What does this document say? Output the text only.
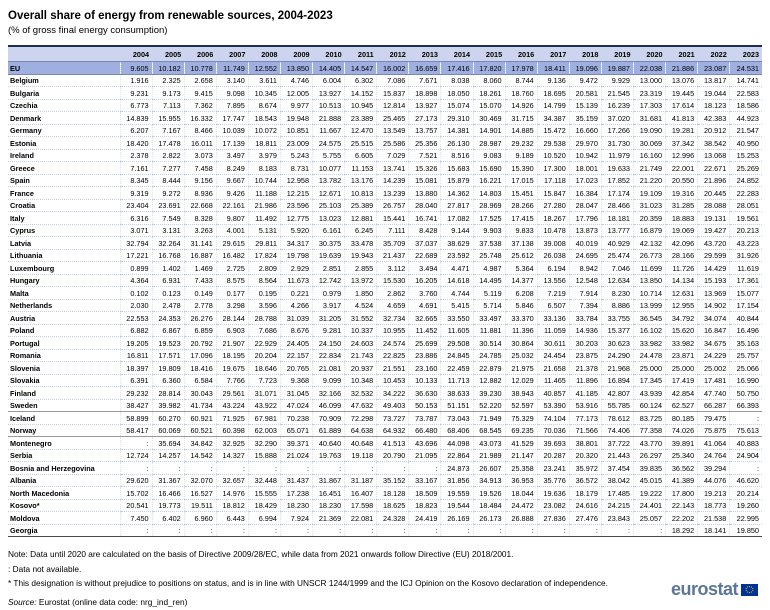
Overall share of energy from renewable sources, 2004-2023
(% of gross final energy consumption)
	2004	2005	2006	2007	2008	2009	2010	2011	2012	2013	2014	2015	2016	2017	2018	2019	2020	2021	2022	2023
EU	9.605	10.182	10.778	11.749	12.552	13.850	14.405	14.547	16.002	16.659	17.416	17.820	17.978	18.411	19.096	19.887	22.038	21.886	23.087	24.531
Belgium	1.916	2.325	2.658	3.140	3.611	4.746	6.004	6.302	7.086	7.671	8.038	8.060	8.744	9.136	9.472	9.929	13.000	13.076	13.817	14.741
Bulgaria	9.231	9.173	9.415	9.098	10.345	12.005	13.927	14.152	15.837	18.898	18.050	18.261	18.760	18.695	20.581	21.545	23.319	19.445	19.044	22.583
Czechia	6.773	7.113	7.362	7.895	8.674	9.977	10.513	10.945	12.814	13.927	15.074	15.070	14.926	14.799	15.139	16.239	17.303	17.614	18.123	18.586
Denmark	14.839	15.955	16.332	17.747	18.543	19.948	21.888	23.389	25.465	27.173	29.310	30.469	31.715	34.387	35.159	37.020	31.681	41.813	42.383	44.923
Germany	6.207	7.167	8.466	10.039	10.072	10.851	11.667	12.470	13.549	13.757	14.381	14.901	14.885	15.472	16.660	17.266	19.090	19.281	20.912	21.547
Estonia	18.420	17.478	16.011	17.139	18.811	23.009	24.575	25.515	25.586	25.356	26.130	28.987	29.232	29.538	29.970	31.730	30.069	37.342	38.542	40.950
Ireland	2.378	2.822	3.073	3.497	3.979	5.243	5.755	6.605	7.029	7.521	8.516	9.083	9.189	10.520	10.942	11.979	16.160	12.996	13.068	15.253
Greece	7.161	7.277	7.458	8.249	8.183	8.731	10.077	11.153	13.741	15.326	15.683	15.690	15.390	17.300	18.001	19.633	21.749	22.001	22.671	25.269
Spain	8.345	8.444	9.156	9.667	10.744	12.958	13.782	13.176	14.239	15.081	15.879	16.221	17.015	17.118	17.023	17.852	21.220	20.550	21.896	24.852
France	9.319	9.272	8.936	9.426	11.188	12.215	12.671	10.813	13.239	13.880	14.362	14.803	15.451	15.847	16.384	17.174	19.109	19.316	20.445	22.283
Croatia	23.404	23.691	22.668	22.161	21.986	23.596	25.103	25.389	26.757	28.040	27.817	28.969	28.266	27.280	28.047	28.466	31.023	31.285	28.088	28.051
Italy	6.316	7.549	8.328	9.807	11.492	12.775	13.023	12.881	15.441	16.741	17.082	17.525	17.415	18.267	17.796	18.181	20.359	18.883	19.131	19.561
Cyprus	3.071	3.131	3.263	4.001	5.131	5.920	6.161	6.245	7.111	8.428	9.144	9.903	9.833	10.478	13.873	13.777	16.879	19.069	19.427	20.213
Latvia	32.794	32.264	31.141	29.615	29.811	34.317	30.375	33.478	35.709	37.037	38.629	37.538	37.138	39.008	40.019	40.929	42.132	42.096	43.720	43.223
Lithuania	17.221	16.768	16.887	16.482	17.824	19.798	19.639	19.943	21.437	22.689	23.592	25.748	25.612	26.038	24.695	25.474	26.773	28.166	29.599	31.926
Luxembourg	0.899	1.402	1.469	2.725	2.809	2.929	2.851	2.855	3.112	3.494	4.471	4.987	5.364	6.194	8.942	7.046	11.699	11.726	14.429	11.619
Hungary	4.364	6.931	7.433	8.575	8.564	11.673	12.742	13.972	15.530	16.205	14.618	14.495	14.377	13.556	12.548	12.634	13.850	14.134	15.193	17.361
Malta	0.102	0.123	0.149	0.177	0.195	0.221	0.979	1.850	2.862	3.760	4.744	5.119	6.208	7.219	7.914	8.230	10.714	12.631	13.969	15.077
Netherlands	2.030	2.478	2.778	3.298	3.596	4.266	3.917	4.524	4.659	4.691	5.415	5.714	5.846	6.507	7.394	8.886	13.999	12.955	14.902	17.154
Austria	22.553	24.353	26.276	28.144	28.788	31.039	31.205	31.552	32.734	32.665	33.550	33.497	33.370	33.136	33.784	33.755	36.545	34.792	34.074	40.844
Poland	6.882	6.867	6.859	6.903	7.686	8.676	9.281	10.337	10.955	11.452	11.605	11.881	11.396	11.059	14.936	15.377	16.102	15.620	16.847	16.496
Portugal	19.205	19.523	20.792	21.907	22.929	24.405	24.150	24.603	24.574	25.699	29.508	30.514	30.864	30.611	30.203	30.623	33.982	33.982	34.675	35.163
Romania	16.811	17.571	17.096	18.195	20.204	22.157	22.834	21.743	22.825	23.886	24.845	24.785	25.032	24.454	23.875	24.290	24.478	23.871	24.229	25.757
Slovenia	18.397	19.809	18.416	19.675	18.646	20.765	21.081	20.937	21.551	23.160	22.459	22.879	21.975	21.658	21.378	21.968	25.000	25.000	25.002	25.066
Slovakia	6.391	6.360	6.584	7.766	7.723	9.368	9.099	10.348	10.453	10.133	11.713	12.882	12.029	11.465	11.896	16.894	17.345	17.419	17.481	16.990
Finland	29.232	28.814	30.043	29.561	31.071	31.045	32.166	32.532	34.222	36.630	38.633	39.230	38.943	40.857	41.185	42.807	43.939	42.854	47.740	50.750
Sweden	38.427	39.982	41.734	43.224	43.922	47.024	46.099	47.632	49.403	50.153	51.151	52.220	52.597	53.390	53.916	55.785	60.124	62.527	66.287	66.393
Iceland	58.899	60.270	60.921	71.925	67.981	70.238	70.909	72.298	73.727	73.787	73.043	71.949	75.329	74.104	77.173	78.612	83.725	80.185	79.475	:
Norway	58.417	60.069	60.521	60.398	62.003	65.071	61.889	64.638	64.932	66.480	68.406	68.545	69.235	70.036	71.566	74.406	77.358	74.026	75.875	75.613
Montenegro	:	35.694	34.842	32.925	32.290	39.371	40.640	40.648	41.513	43.696	44.098	43.073	41.529	39.693	38.801	37.722	43.770	39.891	41.064	40.883
Serbia	12.724	14.257	14.542	14.327	15.888	21.024	19.763	19.118	20.790	21.095	22.864	21.989	21.147	20.287	20.320	21.443	26.297	25.340	24.764	24.904
Bosnia and Herzegovina	:	:	:	:	:	:	:	:	:	:	24.873	26.607	25.358	23.241	35.972	37.454	39.835	36.562	39.294	:
Albania	29.620	31.367	32.070	32.657	32.448	31.437	31.867	31.187	35.152	33.167	31.856	34.913	36.953	35.776	36.572	38.042	45.015	41.389	44.076	46.620
North Macedonia	15.702	16.466	16.527	14.976	15.555	17.238	16.451	16.407	18.128	18.509	19.559	19.526	18.044	19.636	18.179	17.485	19.222	17.800	19.213	20.214
Kosovo*	20.541	19.773	19.511	18.812	18.429	18.230	18.230	17.598	18.625	18.823	19.544	18.484	24.472	23.082	24.616	24.215	24.401	22.143	18.773	19.260
Moldova	7.450	6.402	6.960	6.443	6.994	7.924	21.369	22.081	24.328	24.419	26.169	26.173	26.888	27.836	27.476	23.843	25.057	22.202	21.538	22.995
Georgia	:	:	:	:	:	:	:	:	:	:	:	:	:	:	:	:	:	18.292	18.141	19.850
Note: Data until 2020 are calculated on the basis of Directive 2009/28/EC, while data from 2021 onwards follow Directive (EU) 2018/2001.
: Data not available.
* This designation is without prejudice to positions on status, and is in line with UNSCR 1244/1999 and the ICJ Opinion on the Kosovo declaration of independence.
Source: Eurostat (online data code: nrg_ind_ren)
eurostat
